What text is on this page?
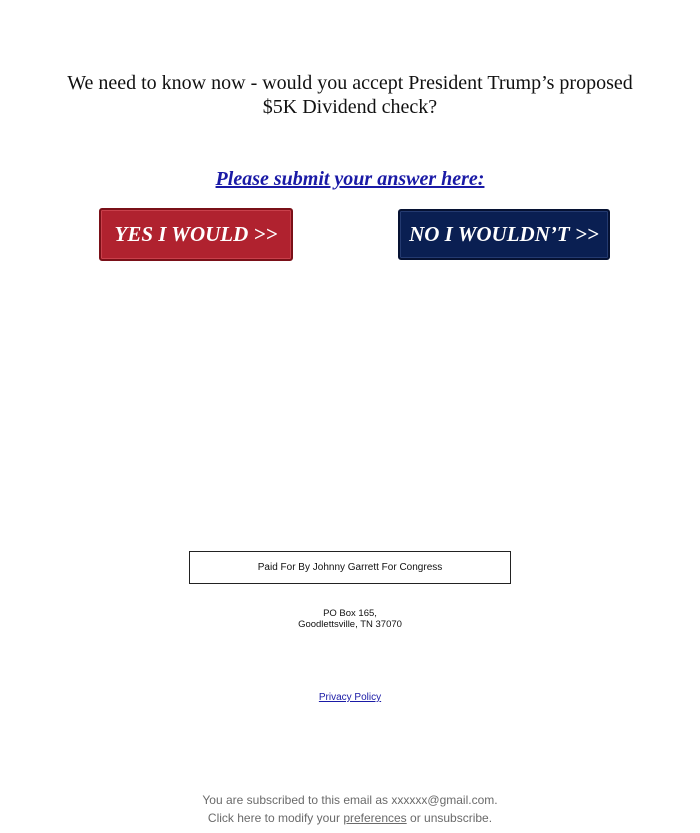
We need to know now - would you accept President Trump’s proposed
$5K Dividend check?
Please submit your answer here:
YES I WOULD >>	NO I WOULDN’T >>
Paid For By Johnny Garrett For Congress
PO Box 165,
Goodlettsville, TN 37070
Privacy Policy
You are subscribed to this email as xxxxxx@gmail.com.
Click here to modify your preferences or unsubscribe.
